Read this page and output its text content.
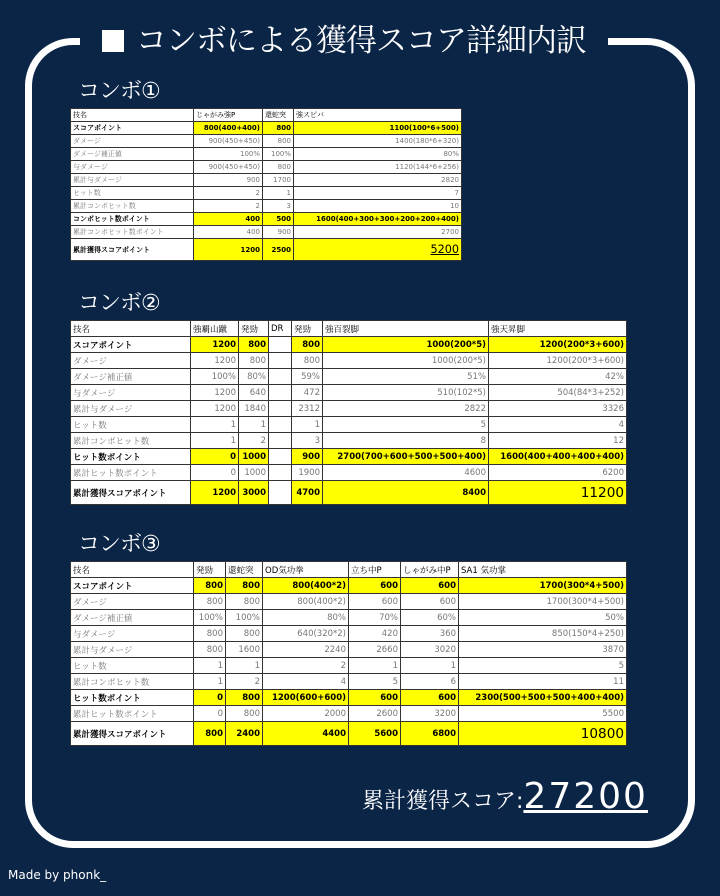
コンボによる獲得スコア詳細内訳
コンボ①
技名	じゃがみ強P	還蛇突	強スピバ
スコアポイント	800(400+400)	800	1100(100*6+500)
ダメージ	900(450+450)	800	1400(180*6+320)
ダメージ補正値	100%	100%	80%
与ダメージ	900(450+450)	800	1120(144*6+256)
累計与ダメージ	900	1700	2820
ヒット数	2	1	7
累計コンボヒット数	2	3	10
コンボヒット数ポイント	400	500	1600(400+300+300+200+200+400)
累計コンボヒット数ポイント	400	900	2700
累計獲得スコアポイント	1200	2500	5200
コンボ②
技名	強覇山蹴	発勁	DR	発勁	強百裂脚	強天昇脚
スコアポイント	1200	800		800	1000(200*5)	1200(200*3+600)
ダメージ	1200	800		800	1000(200*5)	1200(200*3+600)
ダメージ補正値	100%	80%		59%	51%	42%
与ダメージ	1200	640		472	510(102*5)	504(84*3+252)
累計与ダメージ	1200	1840		2312	2822	3326
ヒット数	1	1		1	5	4
累計コンボヒット数	1	2		3	8	12
ヒット数ポイント	0	1000		900	2700(700+600+500+500+400)	1600(400+400+400+400)
累計ヒット数ポイント	0	1000		1900	4600	6200
累計獲得スコアポイント	1200	3000		4700	8400	11200
コンボ③
技名	発勁	還蛇突	OD気功拳	立ち中P	しゃがみ中P	SA1 気功掌
スコアポイント	800	800	800(400*2)	600	600	1700(300*4+500)
ダメージ	800	800	800(400*2)	600	600	1700(300*4+500)
ダメージ補正値	100%	100%	80%	70%	60%	50%
与ダメージ	800	800	640(320*2)	420	360	850(150*4+250)
累計与ダメージ	800	1600	2240	2660	3020	3870
ヒット数	1	1	2	1	1	5
累計コンボヒット数	1	2	4	5	6	11
ヒット数ポイント	0	800	1200(600+600)	600	600	2300(500+500+500+400+400)
累計ヒット数ポイント	0	800	2000	2600	3200	5500
累計獲得スコアポイント	800	2400	4400	5600	6800	10800
累計獲得スコア:27200
Made by phonk_
